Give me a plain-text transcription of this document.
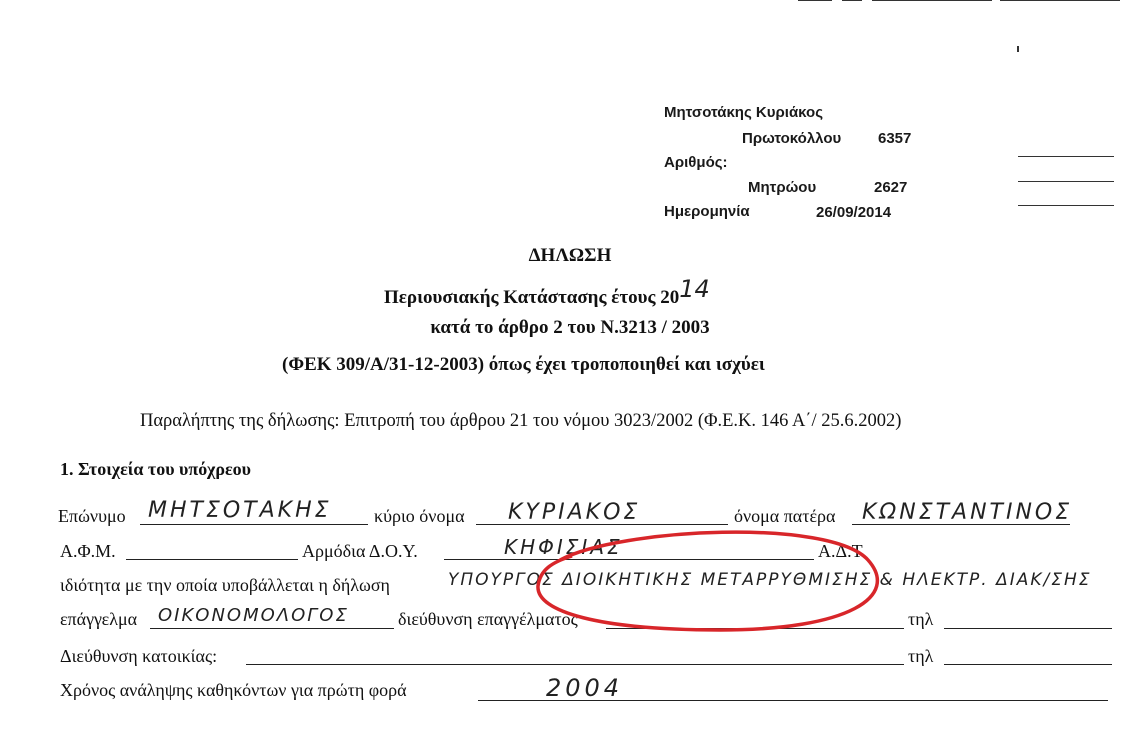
Μητσοτάκης Κυριάκος
Πρωτοκόλλου 6357
Αριθμός:
Μητρώου	2627
Ημερομηνία	26/09/2014
ΔΗΛΩΣΗ
Περιουσιακής Κατάστασης έτους 2014
κατά το άρθρο 2 του Ν.3213 / 2003
(ΦΕΚ 309/Α/31-12-2003) όπως έχει τροποποιηθεί και ισχύει
Παραλήπτης της δήλωσης: Επιτροπή του άρθρου 21 του νόμου 3023/2002 (Φ.Ε.Κ. 146 Α΄/ 25.6.2002)
1. Στοιχεία του υπόχρεου
Επώνυμο ΜΗΤΣΟΤΑΚΗΣ κύριο όνομα ΚΥΡΙΑΚΟΣ	όνομα πατέρα ΚΩΝΣΤΑΝΤΙΝΟΣ
Α.Φ.Μ.	Αρμόδια Δ.Ο.Υ.	ΚΗΦΙΣΙΑΣ	Α.Δ.Τ.
ιδιότητα με την οποία υποβάλλεται η δήλωση	ΥΠΟΥΡΓΟΣ ΔΙΟΙΚΗΤΙΚΗΣ ΜΕΤΑΡΡΥΘΜΙΣΗΣ & ΗΛΕΚΤΡ. ΔΙΑΚ/ΣΗΣ
επάγγελμα ΟΙΚΟΝΟΜΟΛΟΓΟΣ	διεύθυνση επαγγέλματος	τηλ
Διεύθυνση κατοικίας:	τηλ
Χρόνος ανάληψης καθηκόντων για πρώτη φορά	2004
